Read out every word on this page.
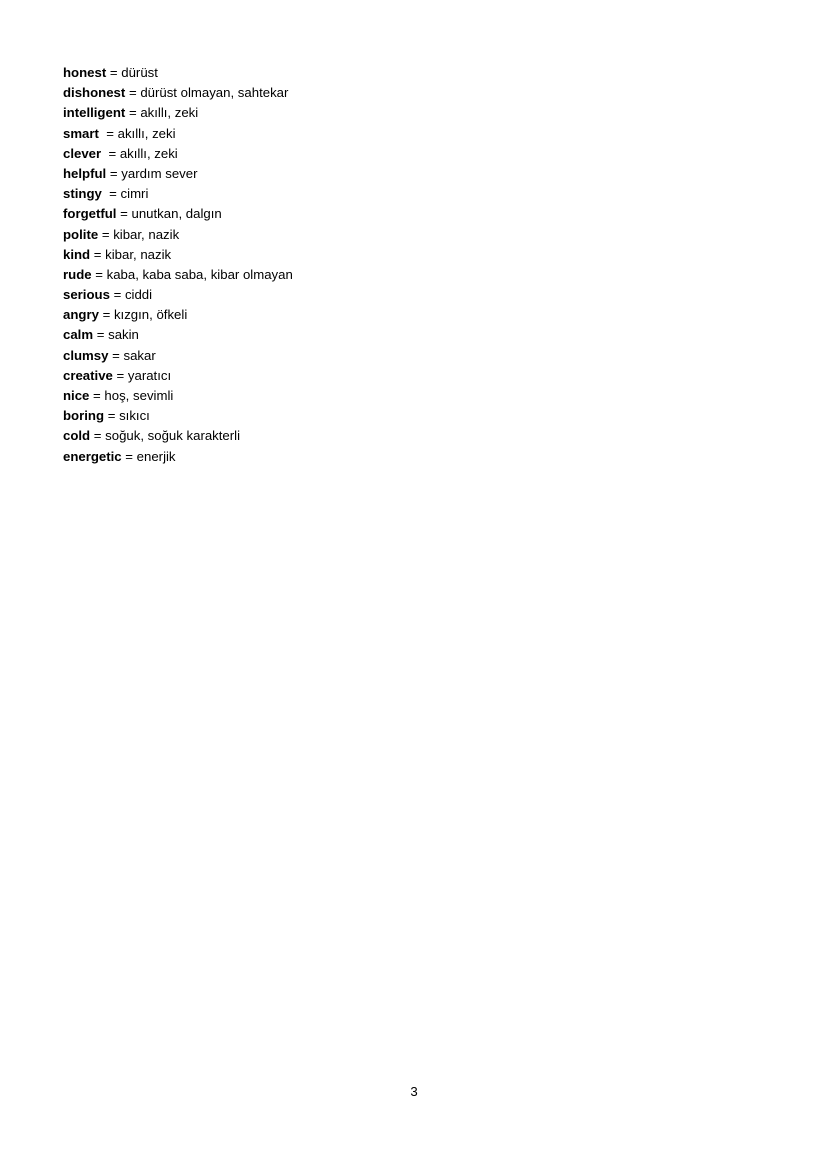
honest = dürüst
dishonest = dürüst olmayan, sahtekar
intelligent = akıllı, zeki
smart  = akıllı, zeki
clever  = akıllı, zeki
helpful = yardım sever
stingy  = cimri
forgetful = unutkan, dalgın
polite = kibar, nazik
kind = kibar, nazik
rude = kaba, kaba saba, kibar olmayan
serious = ciddi
angry = kızgın, öfkeli
calm = sakin
clumsy = sakar
creative = yaratıcı
nice = hoş, sevimli
boring = sıkıcı
cold = soğuk, soğuk karakterli
energetic = enerjik
3
